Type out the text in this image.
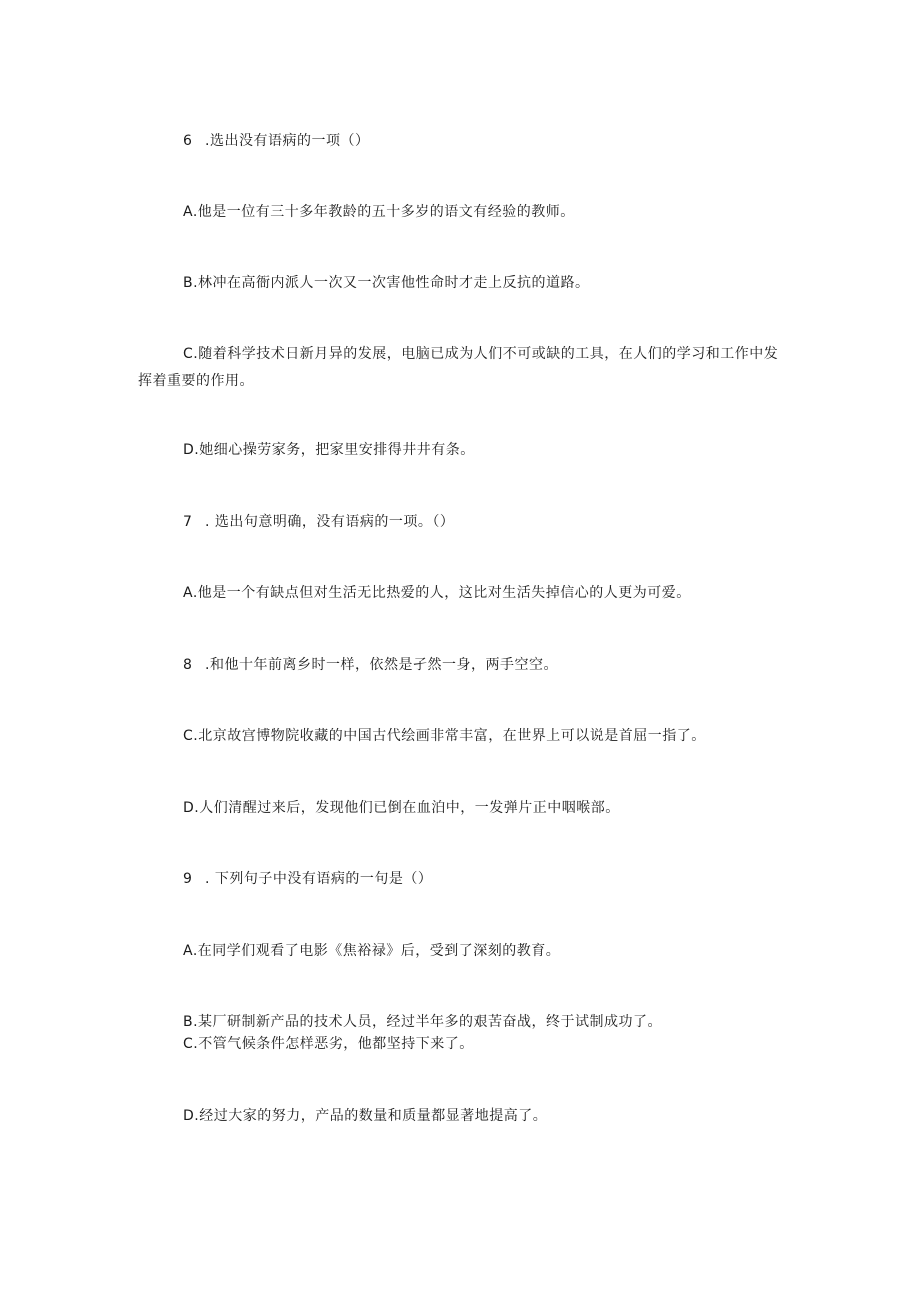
6 .选出没有语病的一项（）
A.他是一位有三十多年教龄的五十多岁的语文有经验的教师。
B.林冲在高衙内派人一次又一次害他性命时才走上反抗的道路。
C.随着科学技术日新月异的发展，电脑已成为人们不可或缺的工具，在人们的学习和工作中发挥着重要的作用。
D.她细心操劳家务，把家里安排得井井有条。
7 . 选出句意明确，没有语病的一项。（）
A.他是一个有缺点但对生活无比热爱的人，这比对生活失掉信心的人更为可爱。
8 .和他十年前离乡时一样，依然是孑然一身，两手空空。
C.北京故宫博物院收藏的中国古代绘画非常丰富，在世界上可以说是首屈一指了。
D.人们清醒过来后，发现他们已倒在血泊中，一发弹片正中咽喉部。
9 . 下列句子中没有语病的一句是（）
A.在同学们观看了电影《焦裕禄》后，受到了深刻的教育。
B.某厂研制新产品的技术人员，经过半年多的艰苦奋战，终于试制成功了。
C.不管气候条件怎样恶劣，他都坚持下来了。
D.经过大家的努力，产品的数量和质量都显著地提高了。
